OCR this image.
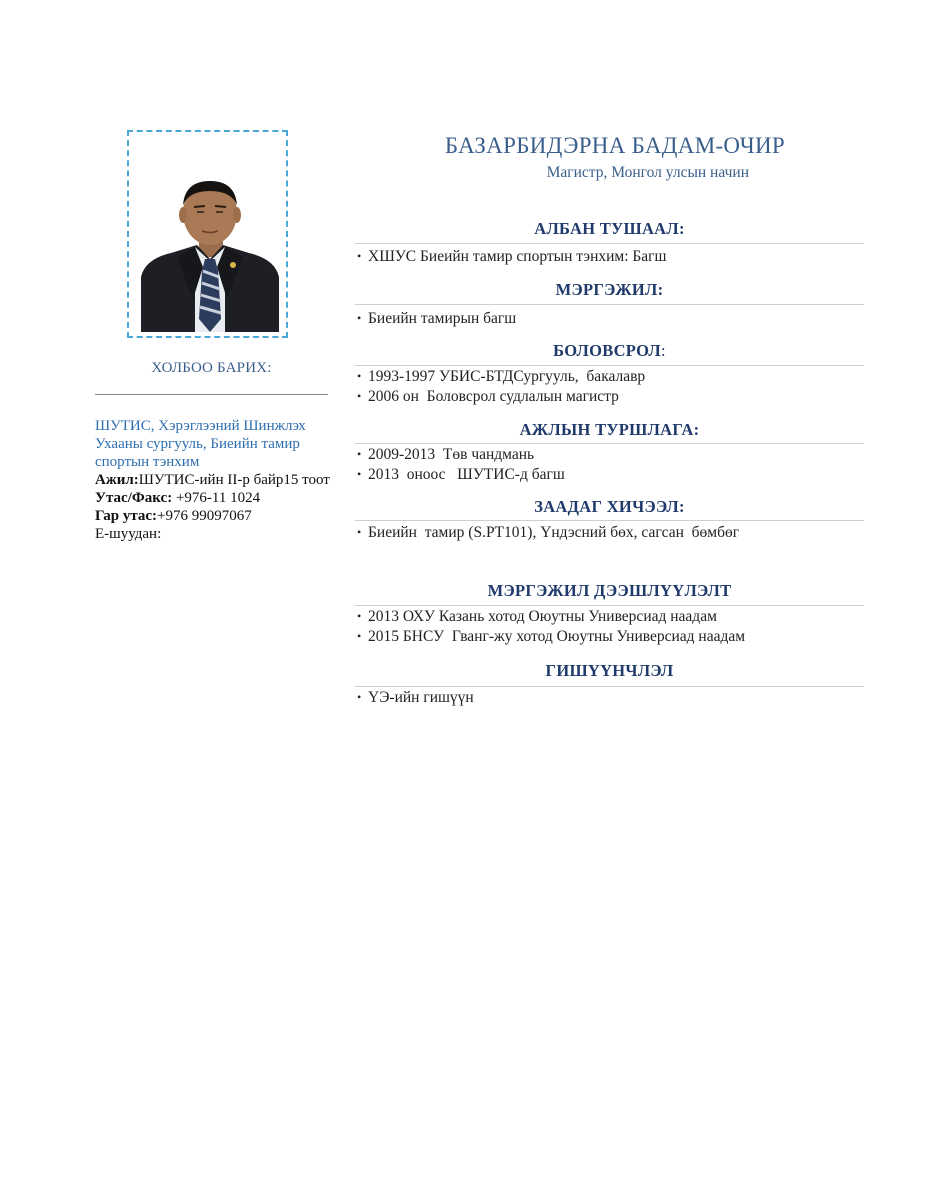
ХОЛБОО БАРИХ:
ШУТИС, Хэрэглээний Шинжлэх Ухааны сургууль, Биеийн тамир спортын тэнхим
Ажил:ШУТИС-ийн II-р байр15 тоот
Утас/Факс: +976-11 1024
Гар утас:+976 99097067
Е-шуудан:
БАЗАРБИДЭРНА БАДАМ-ОЧИР
Магистр, Монгол улсын начин
АЛБАН ТУШААЛ:
• ХШУС Биеийн тамир спортын тэнхим: Багш
МЭРГЭЖИЛ:
• Биеийн тамирын багш
БОЛОВСРОЛ:
• 1993-1997 УБИС-БТДСургууль,  бакалавр
• 2006 он  Боловсрол судлалын магистр
АЖЛЫН ТУРШЛАГА:
• 2009-2013  Төв чандмань
• 2013  оноос   ШУТИС-д багш
ЗААДАГ ХИЧЭЭЛ:
• Биеийн  тамир (S.PT101), Үндэсний бөх, сагсан  бөмбөг
МЭРГЭЖИЛ ДЭЭШЛҮҮЛЭЛТ
• 2013 ОХУ Казань хотод Оюутны Универсиад наадам
• 2015 БНСУ  Гванг-жу хотод Оюутны Универсиад наадам
ГИШҮҮНЧЛЭЛ
• ҮЭ-ийн гишүүн
